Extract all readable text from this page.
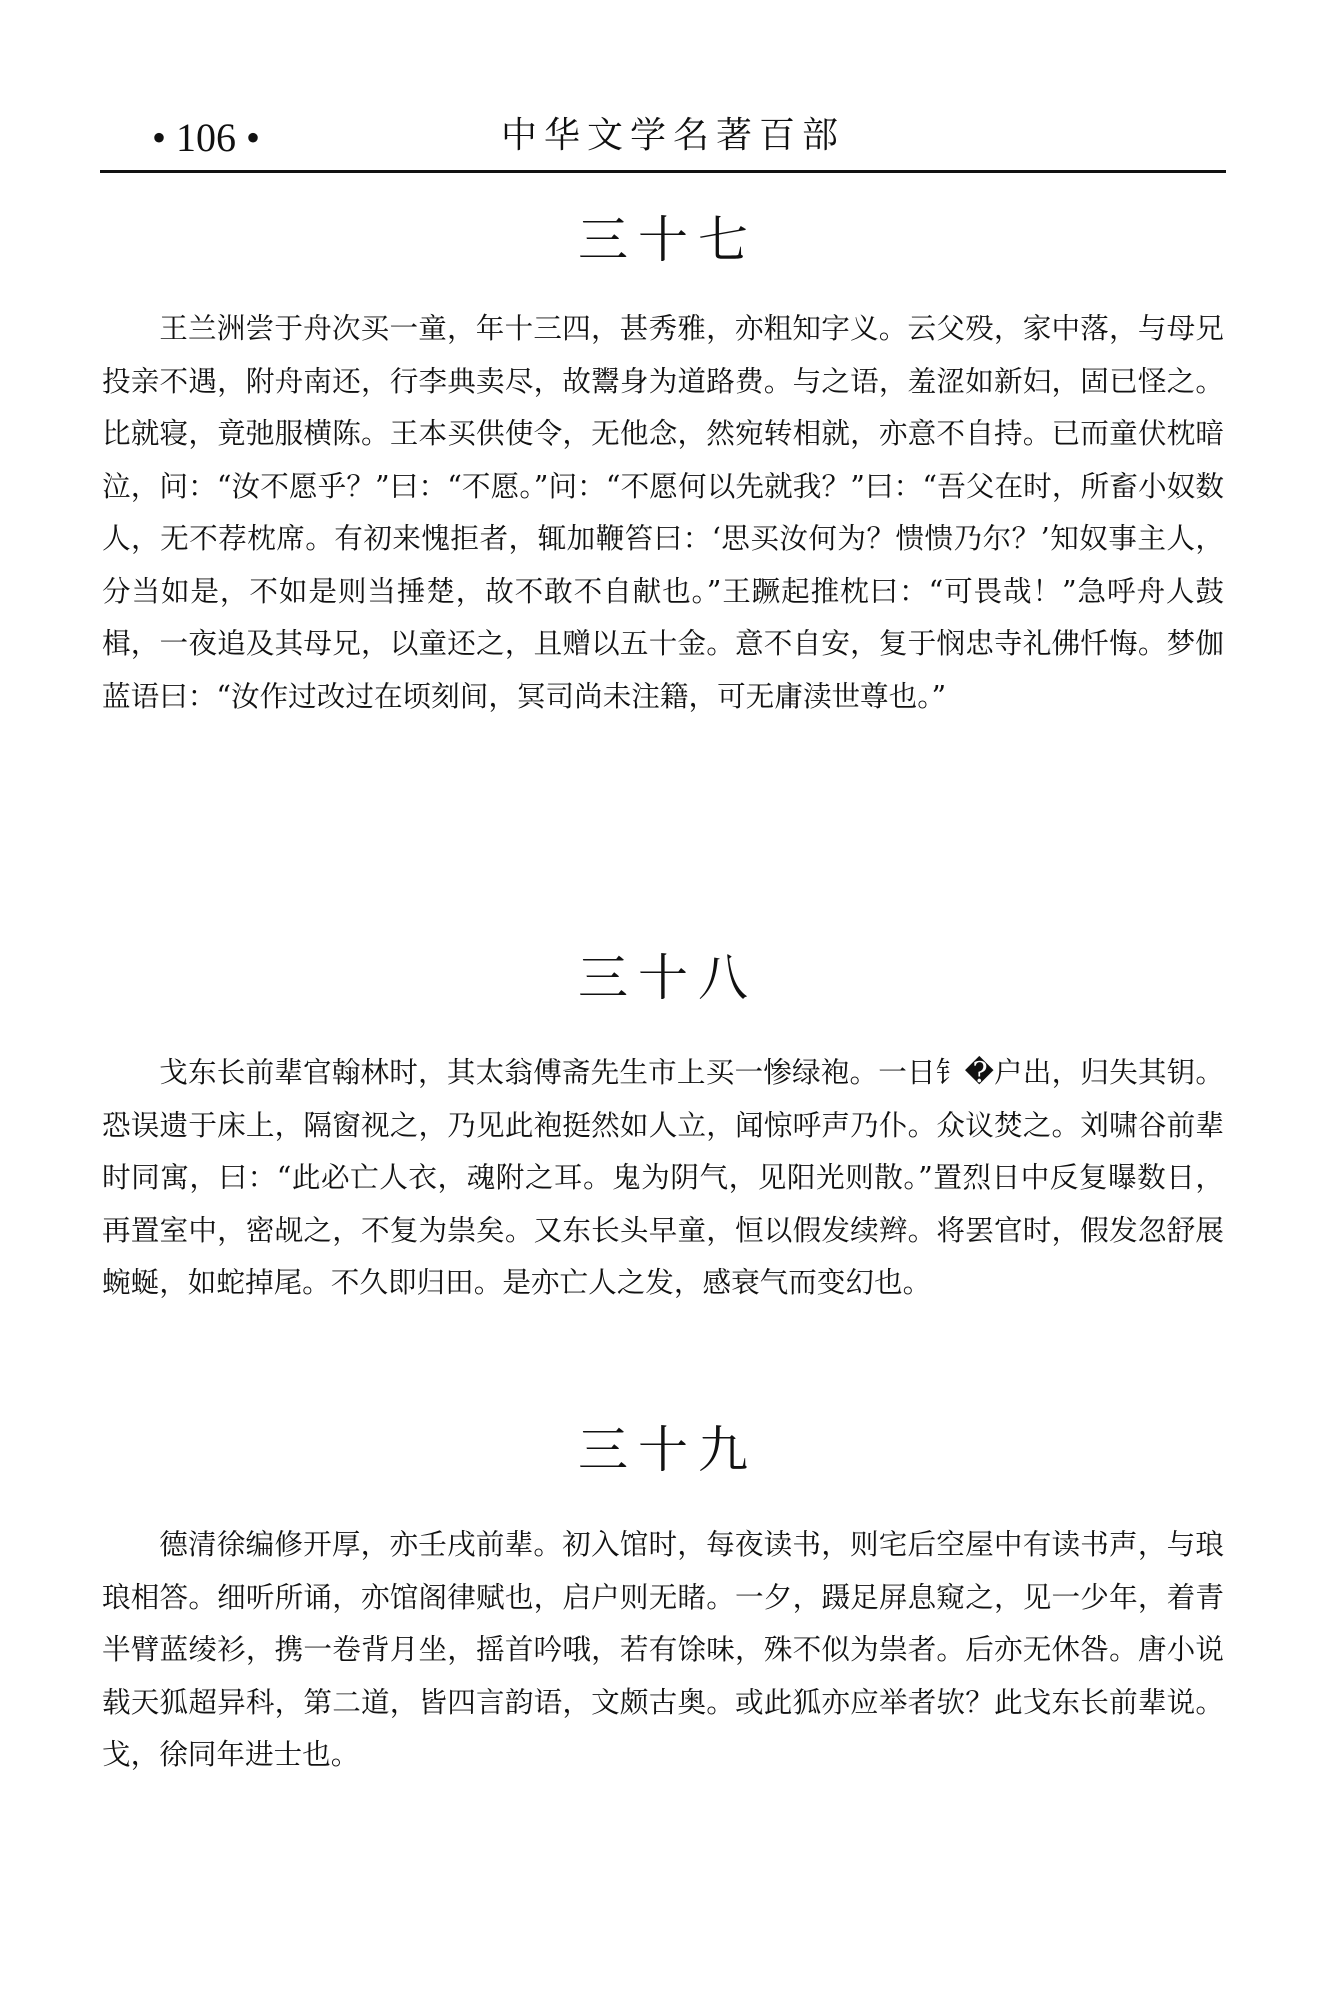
• 106 •	中华文学名著百部
三十七

王兰洲尝于舟次买一童，年十三四，甚秀雅，亦粗知字义。云父殁，家中落，与母兄投亲不遇，附舟南还，行李典卖尽，故鬻身为道路费。与之语，羞涩如新妇，固已怪之。比就寝，竟弛服横陈。王本买供使令，无他念，然宛转相就，亦意不自持。已而童伏枕暗泣，问：“汝不愿乎？”曰：“不愿。”问：“不愿何以先就我？”曰：“吾父在时，所畜小奴数人，无不荐枕席。有初来愧拒者，辄加鞭笞曰：‘思买汝何为？愦愦乃尔？’知奴事主人，分当如是，不如是则当捶楚，故不敢不自献也。”王蹶起推枕曰：“可畏哉！”急呼舟人鼓楫，一夜追及其母兄，以童还之，且赠以五十金。意不自安，复于悯忠寺礼佛忏悔。梦伽蓝语曰：“汝作过改过在顷刻间，冥司尚未注籍，可无庸渎世尊也。”

三十八

戈东长前辈官翰林时，其太翁傅斋先生市上买一惨绿袍。一日钅�户出，归失其钥。恐误遗于床上，隔窗视之，乃见此袍挺然如人立，闻惊呼声乃仆。众议焚之。刘啸谷前辈时同寓，曰：“此必亡人衣，魂附之耳。鬼为阴气，见阳光则散。”置烈日中反复曝数日，再置室中，密觇之，不复为祟矣。又东长头早童，恒以假发续辫。将罢官时，假发忽舒展蜿蜒，如蛇掉尾。不久即归田。是亦亡人之发，感衰气而变幻也。

三十九

德清徐编修开厚，亦壬戌前辈。初入馆时，每夜读书，则宅后空屋中有读书声，与琅琅相答。细听所诵，亦馆阁律赋也，启户则无睹。一夕，蹑足屏息窥之，见一少年，着青半臂蓝绫衫，携一卷背月坐，摇首吟哦，若有馀味，殊不似为祟者。后亦无休咎。唐小说载天狐超异科，第二道，皆四言韵语，文颇古奥。或此狐亦应举者欤？此戈东长前辈说。戈，徐同年进士也。
